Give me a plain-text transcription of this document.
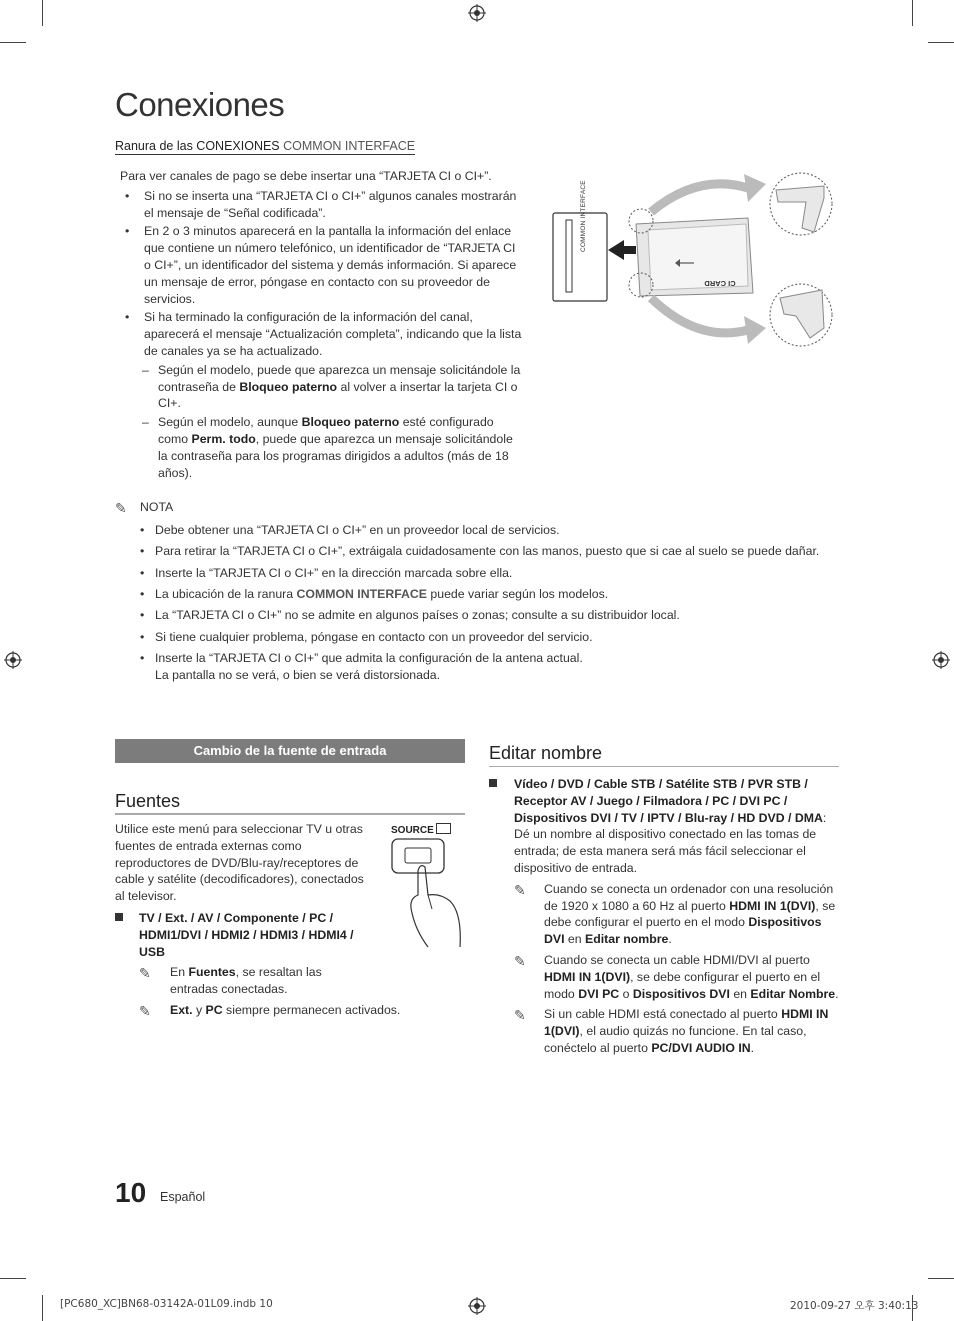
Conexiones
Ranura de las CONEXIONES COMMON INTERFACE
Para ver canales de pago se debe insertar una “TARJETA CI o CI+”.
• Si no se inserta una “TARJETA CI o CI+” algunos canales mostrarán el mensaje de “Señal codificada”.
• En 2 o 3 minutos aparecerá en la pantalla la información del enlace que contiene un número telefónico, un identificador de “TARJETA CI o CI+”, un identificador del sistema y demás información. Si aparece un mensaje de error, póngase en contacto con su proveedor de servicios.
• Si ha terminado la configuración de la información del canal, aparecerá el mensaje “Actualización completa”, indicando que la lista de canales ya se ha actualizado.
– Según el modelo, puede que aparezca un mensaje solicitándole la contraseña de Bloqueo paterno al volver a insertar la tarjeta CI o CI+.
– Según el modelo, aunque Bloqueo paterno esté configurado como Perm. todo, puede que aparezca un mensaje solicitándole la contraseña para los programas dirigidos a adultos (más de 18 años).
COMMON INTERFACE
CI CARD
✎ NOTA
• Debe obtener una “TARJETA CI o CI+” en un proveedor local de servicios.
• Para retirar la “TARJETA CI o CI+”, extráigala cuidadosamente con las manos, puesto que si cae al suelo se puede dañar.
• Inserte la “TARJETA CI o CI+” en la dirección marcada sobre ella.
• La ubicación de la ranura COMMON INTERFACE puede variar según los modelos.
• La “TARJETA CI o CI+” no se admite en algunos países o zonas; consulte a su distribuidor local.
• Si tiene cualquier problema, póngase en contacto con un proveedor del servicio.
• Inserte la “TARJETA CI o CI+” que admita la configuración de la antena actual.
La pantalla no se verá, o bien se verá distorsionada.
Cambio de la fuente de entrada
Fuentes
Utilice este menú para seleccionar TV u otras fuentes de entrada externas como reproductores de DVD/Blu-ray/receptores de cable y satélite (decodificadores), conectados al televisor.
SOURCE
TV / Ext. / AV / Componente / PC / HDMI1/DVI / HDMI2 / HDMI3 / HDMI4 / USB
✎ En Fuentes, se resaltan las entradas conectadas.
✎ Ext. y PC siempre permanecen activados.
Editar nombre
Vídeo / DVD / Cable STB / Satélite STB / PVR STB / Receptor AV / Juego / Filmadora / PC / DVI PC / Dispositivos DVI / TV / IPTV / Blu-ray / HD DVD / DMA: Dé un nombre al dispositivo conectado en las tomas de entrada; de esta manera será más fácil seleccionar el dispositivo de entrada.
✎ Cuando se conecta un ordenador con una resolución de 1920 x 1080 a 60 Hz al puerto HDMI IN 1(DVI), se debe configurar el puerto en el modo Dispositivos DVI en Editar nombre.
✎ Cuando se conecta un cable HDMI/DVI al puerto HDMI IN 1(DVI), se debe configurar el puerto en el modo DVI PC o Dispositivos DVI en Editar Nombre.
✎ Si un cable HDMI está conectado al puerto HDMI IN 1(DVI), el audio quizás no funcione. En tal caso, conéctelo al puerto PC/DVI AUDIO IN.
10 Español
[PC680_XC]BN68-03142A-01L09.indb 10	2010-09-27 오후 3:40:13
